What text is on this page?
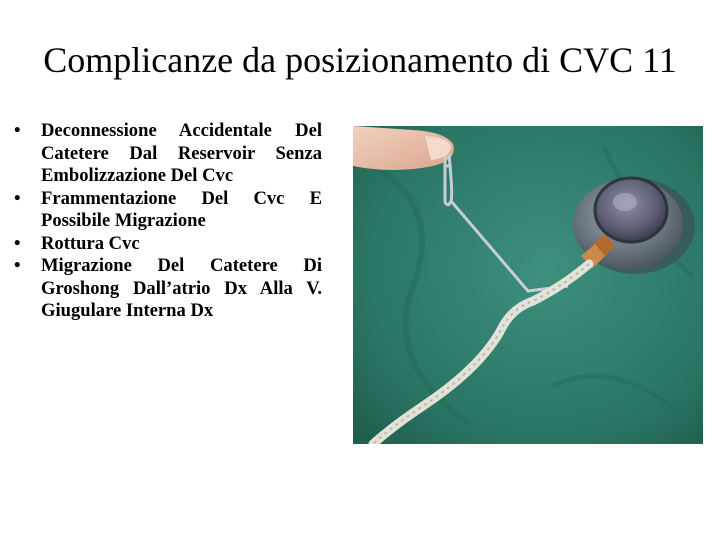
Complicanze da posizionamento di CVC 11
•	Deconnessione Accidentale Del Catetere Dal Reservoir Senza Embolizzazione Del Cvc
•	Frammentazione Del Cvc E Possibile Migrazione
•	Rottura Cvc
•	Migrazione Del Catetere Di Groshong Dall’atrio Dx Alla V. Giugulare Interna Dx
